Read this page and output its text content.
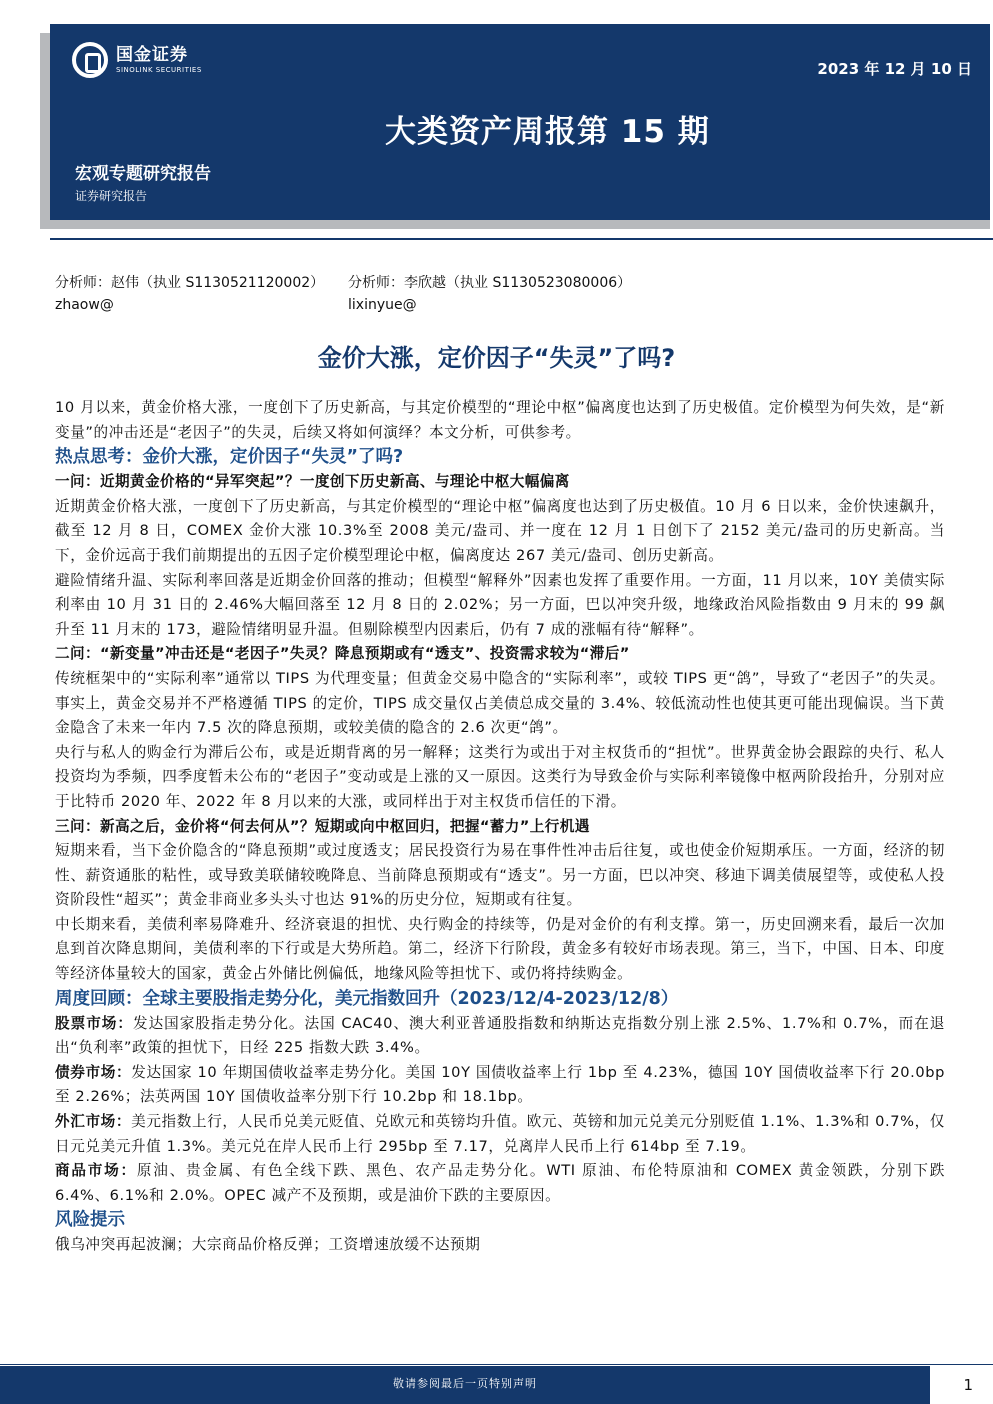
国金证券
SINOLINK SECURITIES	2023 年 12 月 10 日
大类资产周报第 15 期
宏观专题研究报告
证券研究报告
分析师：赵伟（执业 S1130521120002）
zhaow@
分析师：李欣越（执业 S1130523080006）
lixinyue@
金价大涨，定价因子“失灵”了吗?

10 月以来，黄金价格大涨，一度创下了历史新高，与其定价模型的“理论中枢”偏离度也达到了历史极值。定价模型为何失效，是“新变量”的冲击还是“老因子”的失灵，后续又将如何演绎？本文分析，可供参考。

热点思考：金价大涨，定价因子“失灵”了吗?
一问：近期黄金价格的“异军突起”？一度创下历史新高、与理论中枢大幅偏离

近期黄金价格大涨，一度创下了历史新高，与其定价模型的“理论中枢”偏离度也达到了历史极值。10 月 6 日以来，金价快速飙升，截至 12 月 8 日，COMEX 金价大涨 10.3%至 2008 美元/盎司、并一度在 12 月 1 日创下了 2152 美元/盎司的历史新高。当下，金价远高于我们前期提出的五因子定价模型理论中枢，偏离度达 267 美元/盎司、创历史新高。

避险情绪升温、实际利率回落是近期金价回落的推动；但模型“解释外”因素也发挥了重要作用。一方面，11 月以来，10Y 美债实际利率由 10 月 31 日的 2.46%大幅回落至 12 月 8 日的 2.02%；另一方面，巴以冲突升级，地缘政治风险指数由 9 月末的 99 飙升至 11 月末的 173，避险情绪明显升温。但剔除模型内因素后，仍有 7 成的涨幅有待“解释”。

二问：“新变量”冲击还是“老因子”失灵？降息预期或有“透支”、投资需求较为“滞后”

传统框架中的“实际利率”通常以 TIPS 为代理变量；但黄金交易中隐含的“实际利率”，或较 TIPS 更“鸽”，导致了“老因子”的失灵。事实上，黄金交易并不严格遵循 TIPS 的定价，TIPS 成交量仅占美债总成交量的 3.4%、较低流动性也使其更可能出现偏误。当下黄金隐含了未来一年内 7.5 次的降息预期，或较美债的隐含的 2.6 次更“鸽”。

央行与私人的购金行为滞后公布，或是近期背离的另一解释；这类行为或出于对主权货币的“担忧”。世界黄金协会跟踪的央行、私人投资均为季频，四季度暂未公布的“老因子”变动或是上涨的又一原因。这类行为导致金价与实际利率镜像中枢两阶段抬升，分别对应于比特币 2020 年、2022 年 8 月以来的大涨，或同样出于对主权货币信任的下滑。

三问：新高之后，金价将“何去何从”？短期或向中枢回归，把握“蓄力”上行机遇

短期来看，当下金价隐含的“降息预期”或过度透支；居民投资行为易在事件性冲击后往复，或也使金价短期承压。一方面，经济的韧性、薪资通胀的粘性，或导致美联储较晚降息、当前降息预期或有“透支”。另一方面，巴以冲突、移迪下调美债展望等，或使私人投资阶段性“超买”；黄金非商业多头头寸也达 91%的历史分位，短期或有往复。

中长期来看，美债利率易降难升、经济衰退的担忧、央行购金的持续等，仍是对金价的有利支撑。第一，历史回溯来看，最后一次加息到首次降息期间，美债利率的下行或是大势所趋。第二，经济下行阶段，黄金多有较好市场表现。第三，当下，中国、日本、印度等经济体量较大的国家，黄金占外储比例偏低，地缘风险等担忧下、或仍将持续购金。

周度回顾：全球主要股指走势分化，美元指数回升（2023/12/4-2023/12/8）

股票市场：发达国家股指走势分化。法国 CAC40、澳大利亚普通股指数和纳斯达克指数分别上涨 2.5%、1.7%和 0.7%，而在退出“负利率”政策的担忧下，日经 225 指数大跌 3.4%。

债券市场：发达国家 10 年期国债收益率走势分化。美国 10Y 国债收益率上行 1bp 至 4.23%，德国 10Y 国债收益率下行 20.0bp 至 2.26%；法英两国 10Y 国债收益率分别下行 10.2bp 和 18.1bp。

外汇市场：美元指数上行，人民币兑美元贬值、兑欧元和英镑均升值。欧元、英镑和加元兑美元分别贬值 1.1%、1.3%和 0.7%，仅日元兑美元升值 1.3%。美元兑在岸人民币上行 295bp 至 7.17，兑离岸人民币上行 614bp 至 7.19。

商品市场：原油、贵金属、有色全线下跌、黑色、农产品走势分化。WTI 原油、布伦特原油和 COMEX 黄金领跌，分别下跌 6.4%、6.1%和 2.0%。OPEC 减产不及预期，或是油价下跌的主要原因。

风险提示

俄乌冲突再起波澜；大宗商品价格反弹；工资增速放缓不达预期

敬请参阅最后一页特别声明	1
